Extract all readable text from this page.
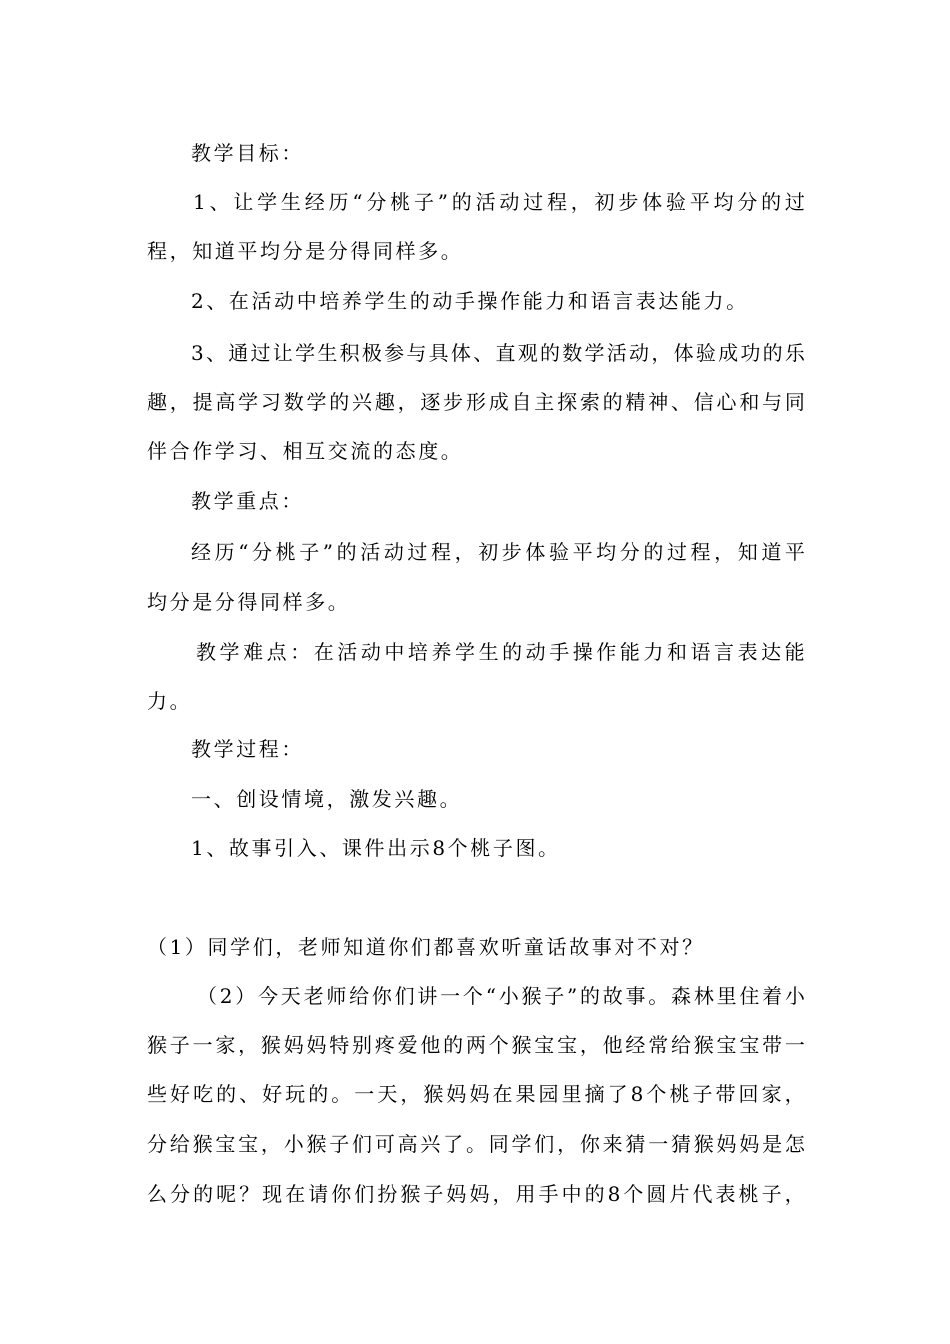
教学目标：
1 、 让 学 生 经 历 “ 分 桃 子 ” 的 活 动 过 程 ， 初 步 体 验 平 均 分 的 过
程，知道平均分是分得同样多。
2、在活动中培养学生的动手操作能力和语言表达能力。
3 、 通 过 让 学 生 积 极 参 与 具 体 、 直 观 的 数 学 活 动 ， 体 验 成 功 的 乐
趣 ， 提 高 学 习 数 学 的 兴 趣 ， 逐 步 形 成 自 主 探 索 的 精 神 、 信 心 和 与 同
伴合作学习、相互交流的态度。
教学重点：
经 历 “ 分 桃 子 ” 的 活 动 过 程 ， 初 步 体 验 平 均 分 的 过 程 ， 知 道 平
均分是分得同样多。
教 学 难 点 ： 在 活 动 中 培 养 学 生 的 动 手 操 作 能 力 和 语 言 表 达 能
力。
教学过程：
一、创设情境，激发兴趣。
1、故事引入、课件出示8个桃子图。
（1）同学们，老师知道你们都喜欢听童话故事对不对？
（ 2 ） 今 天 老 师 给 你 们 讲 一 个 “ 小 猴 子 ” 的 故 事 。 森 林 里 住 着 小
猴 子 一 家 ， 猴 妈 妈 特 别 疼 爱 他 的 两 个 猴 宝 宝 ， 他 经 常 给 猴 宝 宝 带 一
些 好 吃 的 、 好 玩 的 。 一 天 ， 猴 妈 妈 在 果 园 里 摘 了 8 个 桃 子 带 回 家 ，
分 给 猴 宝 宝 ， 小 猴 子 们 可 高 兴 了 。 同 学 们 ， 你 来 猜 一 猜 猴 妈 妈 是 怎
么 分 的 呢 ？ 现 在 请 你 们 扮 猴 子 妈 妈 ， 用 手 中 的 8 个 圆 片 代 表 桃 子 ，
